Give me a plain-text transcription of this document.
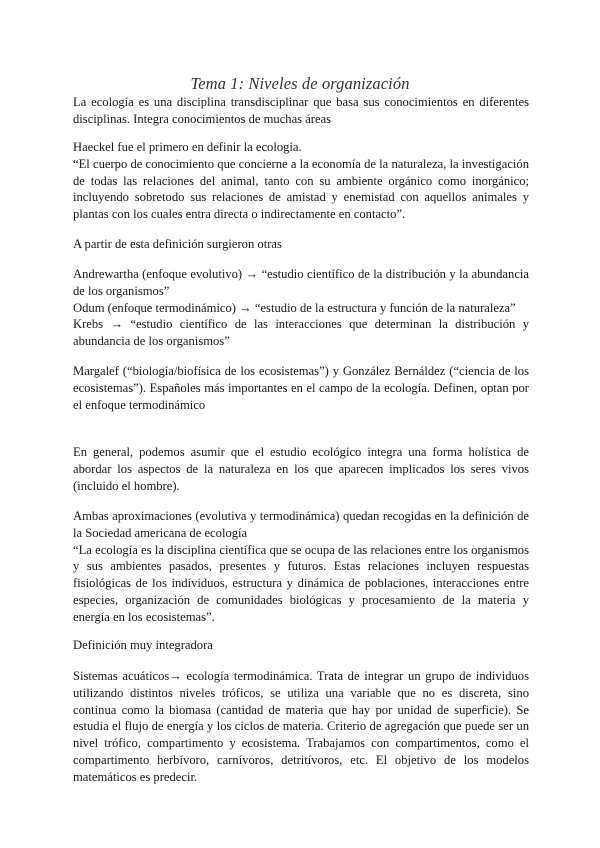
Tema 1: Niveles de organización

La ecología es una disciplina transdisciplinar que basa sus conocimientos en diferentes disciplinas. Integra conocimientos de muchas áreas

Haeckel fue el primero en definir la ecología.
“El cuerpo de conocimiento que concierne a la economía de la naturaleza, la investigación de todas las relaciones del animal, tanto con su ambiente orgánico como inorgánico; incluyendo sobretodo sus relaciones de amistad y enemistad con aquellos animales y plantas con los cuales entra directa o indirectamente en contacto”.

A partir de esta definición surgieron otras

Andrewartha (enfoque evolutivo) → “estudio científico de la distribución y la abundancia de los organismos”
Odum (enfoque termodinámico) → “estudio de la estructura y función de la naturaleza”
Krebs → “estudio científico de las interacciones que determinan la distribución y abundancia de los organismos”

Margalef (“biología/biofísica de los ecosistemas”) y González Bernáldez (“ciencia de los ecosistemas”). Españoles más importantes en el campo de la ecología. Definen, optan por el enfoque termodinámico

En general, podemos asumir que el estudio ecológico integra una forma holística de abordar los aspectos de la naturaleza en los que aparecen implicados los seres vivos (incluido el hombre).

Ambas aproximaciones (evolutiva y termodinámica) quedan recogidas en la definición de la Sociedad americana de ecología
“La ecología es la disciplina científica que se ocupa de las relaciones entre los organismos y sus ambientes pasados, presentes y futuros. Estas relaciones incluyen respuestas fisiológicas de los individuos, estructura y dinámica de poblaciones, interacciones entre especies, organización de comunidades biológicas y procesamiento de la materia y energía en los ecosistemas”.

Definición muy integradora

Sistemas acuáticos→ ecología termodinámica. Trata de integrar un grupo de individuos utilizando distintos niveles tróficos, se utiliza una variable que no es discreta, sino continua como la biomasa (cantidad de materia que hay por unidad de superficie). Se estudia el flujo de energía y los ciclos de materia. Criterio de agregación que puede ser un nivel trófico, compartimento y ecosistema. Trabajamos con compartimentos, como el compartimento herbívoro, carnívoros, detritívoros, etc. El objetivo de los modelos matemáticos es predecir.
